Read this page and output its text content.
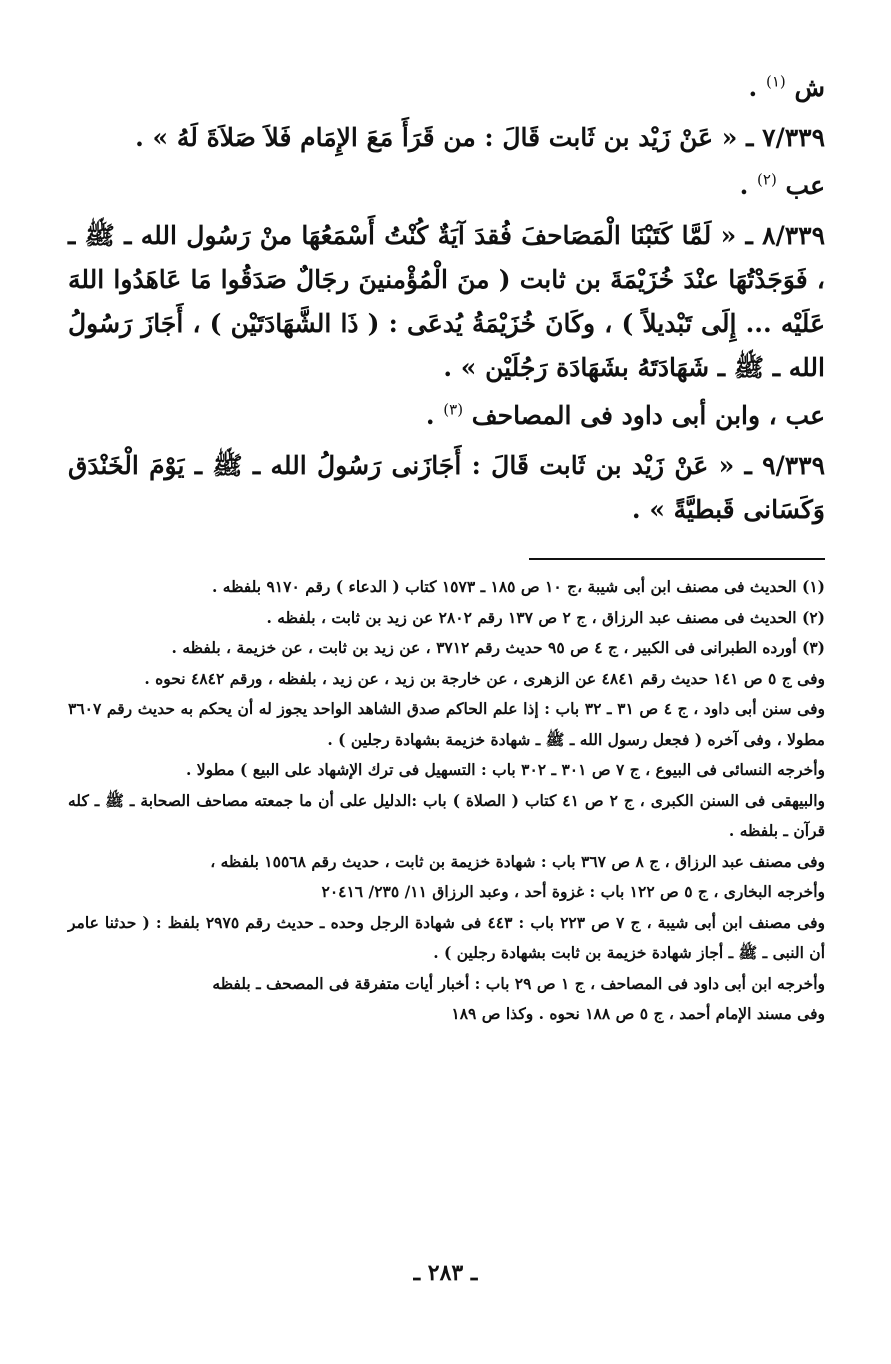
ش $^{(١)}$ .

٧/٣٣٩ ـ « عَنْ زَيْد بن ثَابت قَالَ : من قَرَأَ مَعَ الإِمَام فَلاَ صَلاَةَ لَهُ » .

عب $^{(٢)}$ .

٨/٣٣٩ ـ « لَمَّا كَتَبْنَا الْمَصَاحفَ فُقدَ آيَةٌ كُنْتُ أَسْمَعُهَا منْ رَسُول الله ـ ﷺ ـ ، فَوَجَدْتُهَا عنْدَ خُزَيْمَةَ بن ثابت ( منَ الْمُؤْمنينَ رجَالٌ صَدَقُوا مَا عَاهَدُوا اللهَ عَلَيْه ... إِلَى تَبْديلاً ) ، وكَانَ خُزَيْمَةُ يُدعَى : ( ذَا الشَّهَادَتَيْن ) ، أَجَازَ رَسُولُ الله ـ ﷺ ـ شَهَادَتَهُ بشَهَادَة رَجُلَيْن » .

عب ، وابن أبى داود فى المصاحف $^{(٣)}$ .

٩/٣٣٩ ـ « عَنْ زَيْد بن ثَابت قَالَ : أَجَازَنى رَسُولُ الله ـ ﷺ ـ يَوْمَ الْخَنْدَق وَكَسَانى قَبطيَّةً » .

(١) الحديث فى مصنف ابن أبى شيبة ،ج ١٠ ص ١٨٥ ـ ١٥٧٣ كتاب ( الدعاء ) رقم ٩١٧٠ بلفظه .

(٢) الحديث فى مصنف عبد الرزاق ، ج ٢ ص ١٣٧ رقم ٢٨٠٢ عن زيد بن ثابت ، بلفظه .

(٣) أورده الطبرانى فى الكبير ، ج ٤ ص ٩٥ حديث رقم ٣٧١٢ ، عن زيد بن ثابت ، عن خزيمة ، بلفظه .

وفى ج ٥ ص ١٤١ حديث رقم ٤٨٤١ عن الزهرى ، عن خارجة بن زيد ، عن زيد ، بلفظه ، ورقم ٤٨٤٢ نحوه .

وفى سنن أبى داود ، ج ٤ ص ٣١ ـ ٣٢ باب : إذا علم الحاكم صدق الشاهد الواحد يجوز له أن يحكم به حديث رقم ٣٦٠٧ مطولا ، وفى آخره ( فجعل رسول الله ـ ﷺ ـ شهادة خزيمة بشهادة رجلين ) .

وأخرجه النسائى فى البيوع ، ج ٧ ص ٣٠١ ـ ٣٠٢ باب : التسهيل فى ترك الإشهاد على البيع ) مطولا .

والبيهقى فى السنن الكبرى ، ج ٢ ص ٤١ كتاب ( الصلاة ) باب :الدليل على أن ما جمعته مصاحف الصحابة ـ ﷺ ـ كله قرآن ـ بلفظه .

وفى مصنف عبد الرزاق ، ج ٨ ص ٣٦٧ باب : شهادة خزيمة بن ثابت ، حديث رقم ١٥٥٦٨ بلفظه ،

وأخرجه البخارى ، ج ٥ ص ١٢٢ باب : غزوة أحد ، وعبد الرزاق ١١/ ٢٣٥/ ٢٠٤١٦

وفى مصنف ابن أبى شيبة ، ج ٧ ص ٢٢٣ باب : ٤٤٣ فى شهادة الرجل وحده ـ حديث رقم ٢٩٧٥ بلفظ : ( حدثنا عامر أن النبى ـ ﷺ ـ أجاز شهادة خزيمة بن ثابت بشهادة رجلين ) .

وأخرجه ابن أبى داود فى المصاحف ، ج ١ ص ٢٩ باب : أخبار أيات متفرقة فى المصحف ـ بلفظه

وفى مسند الإمام أحمد ، ج ٥ ص ١٨٨ نحوه . وكذا ص ١٨٩

ـ ٢٨٣ ـ
